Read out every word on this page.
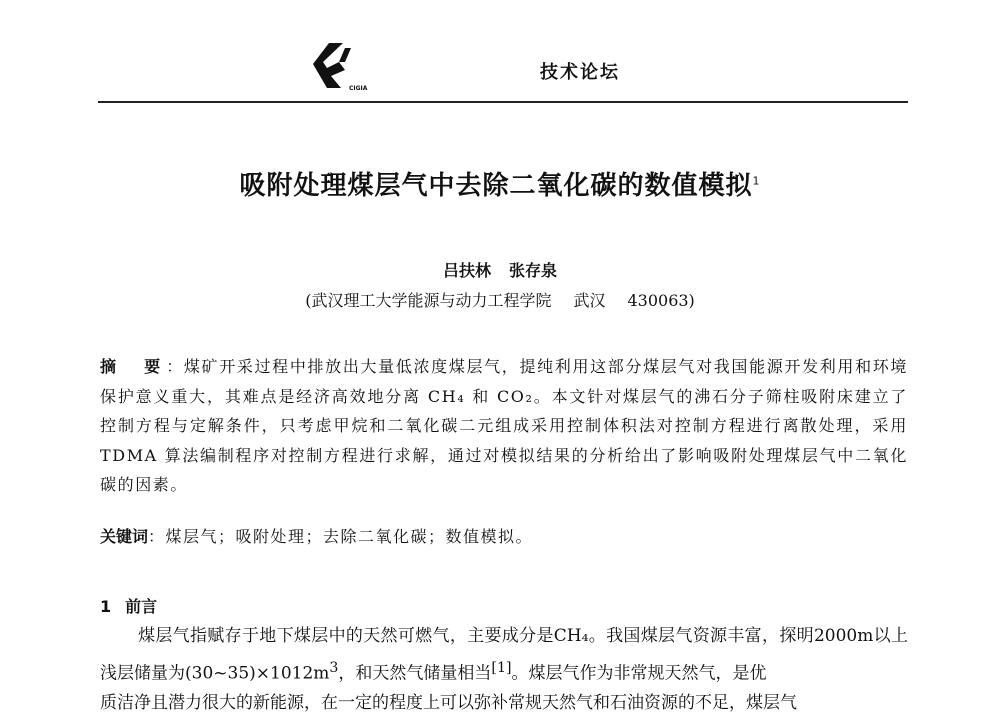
CIGIA
技术论坛
吸附处理煤层气中去除二氧化碳的数值模拟$^1$
吕扶林 张存泉
(武汉理工大学能源与动力工程学院 武汉 430063)
摘　要：煤矿开采过程中排放出大量低浓度煤层气，提纯利用这部分煤层气对我国能源开发利用和环境保护意义重大，其难点是经济高效地分离 CH₄ 和 CO₂。本文针对煤层气的沸石分子筛柱吸附床建立了控制方程与定解条件，只考虑甲烷和二氧化碳二元组成采用控制体积法对控制方程进行离散处理，采用 TDMA 算法编制程序对控制方程进行求解，通过对模拟结果的分析给出了影响吸附处理煤层气中二氧化碳的因素。
关键词：煤层气；吸附处理；去除二氧化碳；数值模拟。
1 前言
煤层气指赋存于地下煤层中的天然可燃气，主要成分是CH₄。我国煤层气资源丰富，探明2000m以上浅层储量为$(30\sim 35)\times 1012m^3$，和天然气储量相当[1]。煤层气作为非常规天然气，是优
质洁净且潜力很大的新能源，在一定的程度上可以弥补常规天然气和石油资源的不足，煤层气
